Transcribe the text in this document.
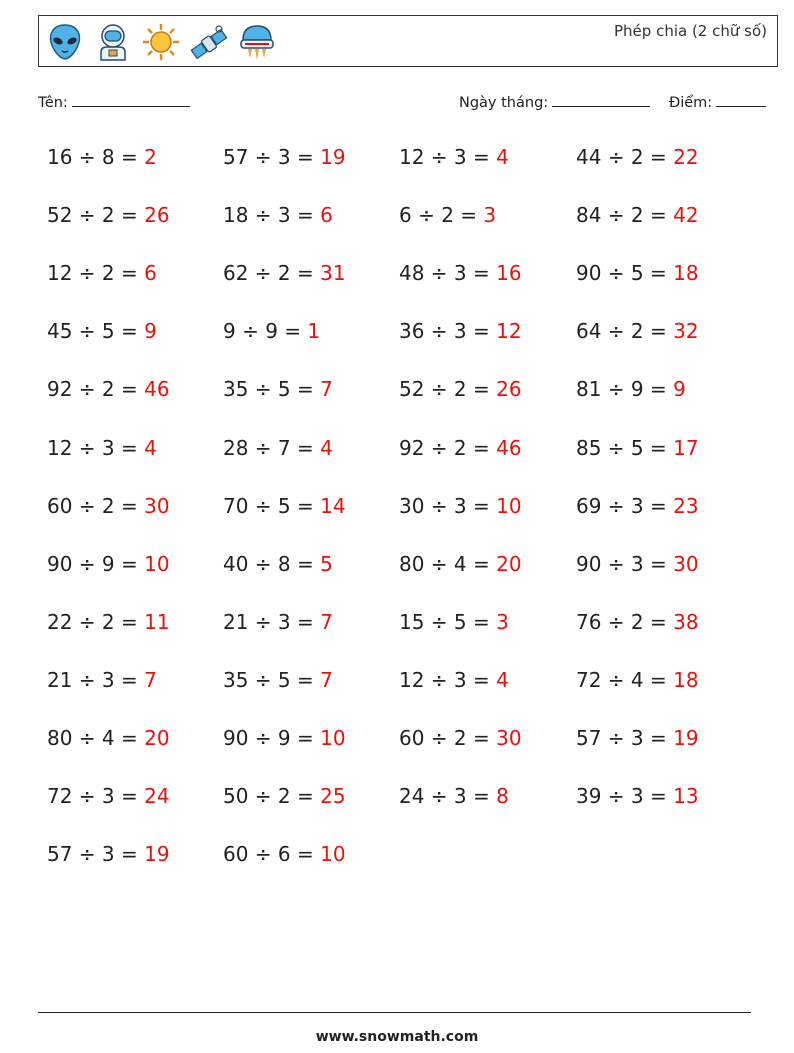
Phép chia (2 chữ số)
Tên:	Ngày tháng:	Điểm:
16 ÷ 8 = 2
52 ÷ 2 = 26
12 ÷ 2 = 6
45 ÷ 5 = 9
92 ÷ 2 = 46
12 ÷ 3 = 4
60 ÷ 2 = 30
90 ÷ 9 = 10
22 ÷ 2 = 11
21 ÷ 3 = 7
80 ÷ 4 = 20
72 ÷ 3 = 24
57 ÷ 3 = 19
57 ÷ 3 = 19
18 ÷ 3 = 6
62 ÷ 2 = 31
9 ÷ 9 = 1
35 ÷ 5 = 7
28 ÷ 7 = 4
70 ÷ 5 = 14
40 ÷ 8 = 5
21 ÷ 3 = 7
35 ÷ 5 = 7
90 ÷ 9 = 10
50 ÷ 2 = 25
60 ÷ 6 = 10
12 ÷ 3 = 4
6 ÷ 2 = 3
48 ÷ 3 = 16
36 ÷ 3 = 12
52 ÷ 2 = 26
92 ÷ 2 = 46
30 ÷ 3 = 10
80 ÷ 4 = 20
15 ÷ 5 = 3
12 ÷ 3 = 4
60 ÷ 2 = 30
24 ÷ 3 = 8
44 ÷ 2 = 22
84 ÷ 2 = 42
90 ÷ 5 = 18
64 ÷ 2 = 32
81 ÷ 9 = 9
85 ÷ 5 = 17
69 ÷ 3 = 23
90 ÷ 3 = 30
76 ÷ 2 = 38
72 ÷ 4 = 18
57 ÷ 3 = 19
39 ÷ 3 = 13
www.snowmath.com
